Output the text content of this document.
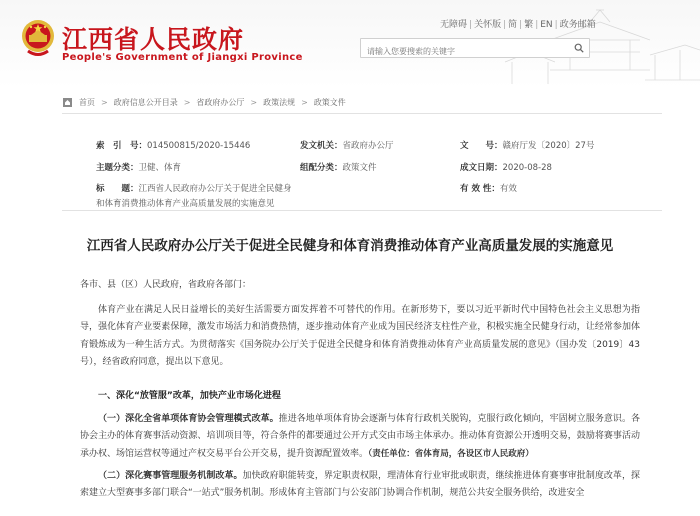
江西省人民政府
People's Government of Jiangxi Province
无障碍 | 关怀版 | 简 | 繁 | EN | 政务邮箱
请输入您要搜索的关键字
首页 > 政府信息公开目录 > 省政府办公厅 > 政策法规 > 政策文件
索　引　号：014500815/2020-15446	发文机关：省政府办公厅	文　　号：赣府厅发〔2020〕27号
主题分类：卫健、体育	组配分类：政策文件	成文日期：2020-08-28
标　　题：江西省人民政府办公厅关于促进全民健身和体育消费推动体育产业高质量发展的实施意见
有 效 性：有效
江西省人民政府办公厅关于促进全民健身和体育消费推动体育产业高质量发展的实施意见
各市、县（区）人民政府，省政府各部门：
体育产业在满足人民日益增长的美好生活需要方面发挥着不可替代的作用。在新形势下，要以习近平新时代中国特色社会主义思想为指导，强化体育产业要素保障，激发市场活力和消费热情，逐步推动体育产业成为国民经济支柱性产业，积极实施全民健身行动，让经常参加体育锻炼成为一种生活方式。为贯彻落实《国务院办公厅关于促进全民健身和体育消费推动体育产业高质量发展的意见》（国办发〔2019〕43号），经省政府同意，提出以下意见。
一、深化“放管服”改革，加快产业市场化进程
（一）深化全省单项体育协会管理模式改革。推进各地单项体育协会逐渐与体育行政机关脱钩，克服行政化倾向，牢固树立服务意识。各协会主办的体育赛事活动资源、培训项目等，符合条件的都要通过公开方式交由市场主体承办。推动体育资源公开透明交易，鼓励将赛事活动承办权、场馆运营权等通过产权交易平台公开交易，提升资源配置效率。（责任单位：省体育局，各设区市人民政府）
（二）深化赛事管理服务机制改革。加快政府职能转变，界定职责权限，理清体育行业审批或职责，继续推进体育赛事审批制度改革，探索建立大型赛事多部门联合“一站式”服务机制。形成体育主管部门与公安部门协调合作机制，规范公共安全服务供给，改进安全
